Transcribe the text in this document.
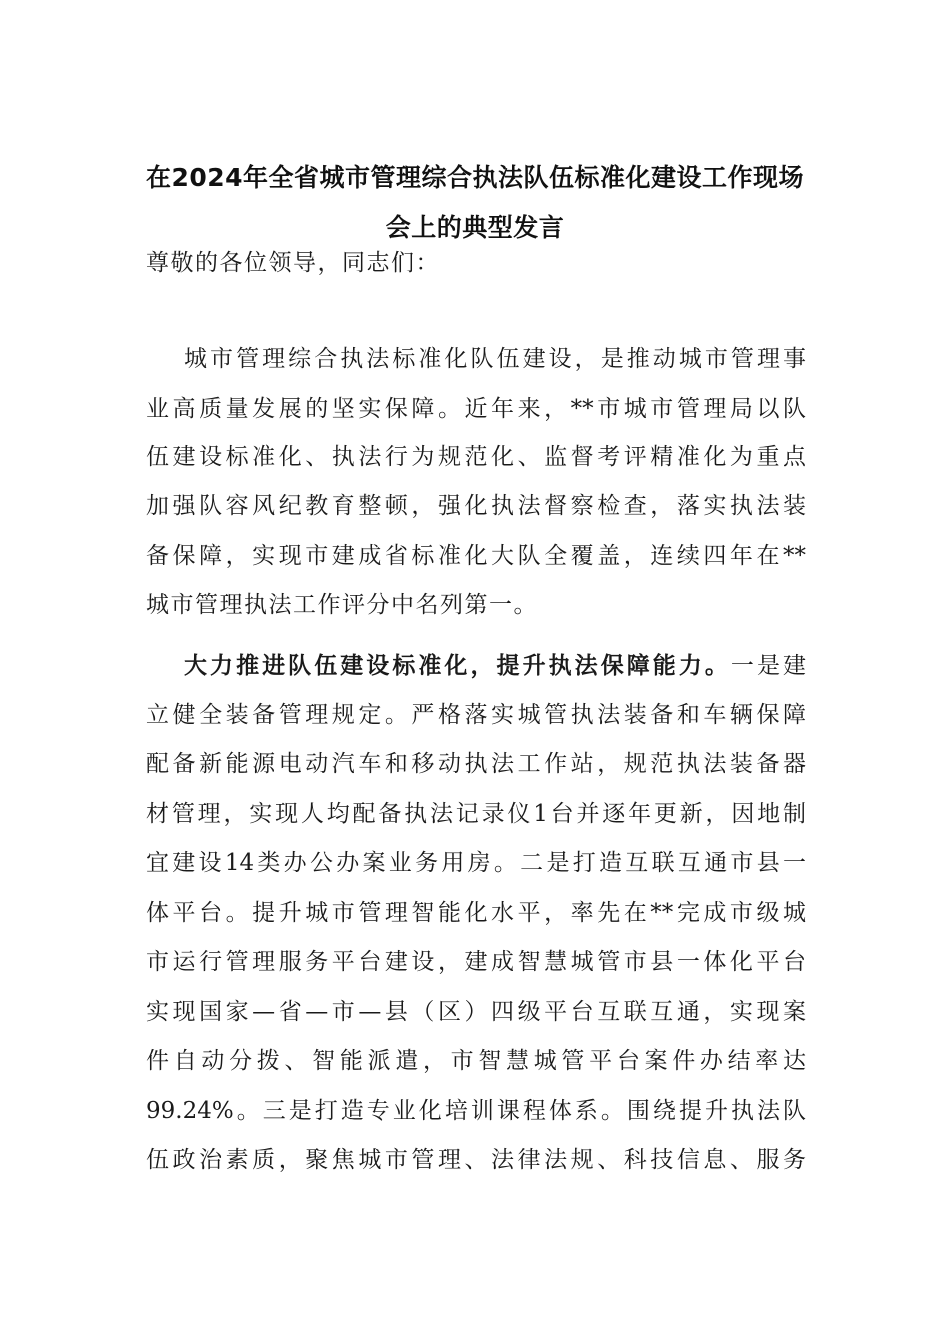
在2024年全省城市管理综合执法队伍标准化建设工作现场
会上的典型发言
尊敬的各位领导，同志们：
城市管理综合执法标准化队伍建设，是推动城市管理事
业高质量发展的坚实保障。近年来，**市城市管理局以队
伍建设标准化、执法行为规范化、监督考评精准化为重点
加强队容风纪教育整顿，强化执法督察检查，落实执法装
备保障，实现市建成省标准化大队全覆盖，连续四年在**
城市管理执法工作评分中名列第一。
大力推进队伍建设标准化，提升执法保障能力。一是建
立健全装备管理规定。严格落实城管执法装备和车辆保障
配备新能源电动汽车和移动执法工作站，规范执法装备器
材管理，实现人均配备执法记录仪1台并逐年更新，因地制
宜建设14类办公办案业务用房。二是打造互联互通市县一
体平台。提升城市管理智能化水平，率先在**完成市级城
市运行管理服务平台建设，建成智慧城管市县一体化平台
实现国家—省—市—县（区）四级平台互联互通，实现案
件自动分拨、智能派遣，市智慧城管平台案件办结率达
99.24%。三是打造专业化培训课程体系。围绕提升执法队
伍政治素质，聚焦城市管理、法律法规、科技信息、服务
